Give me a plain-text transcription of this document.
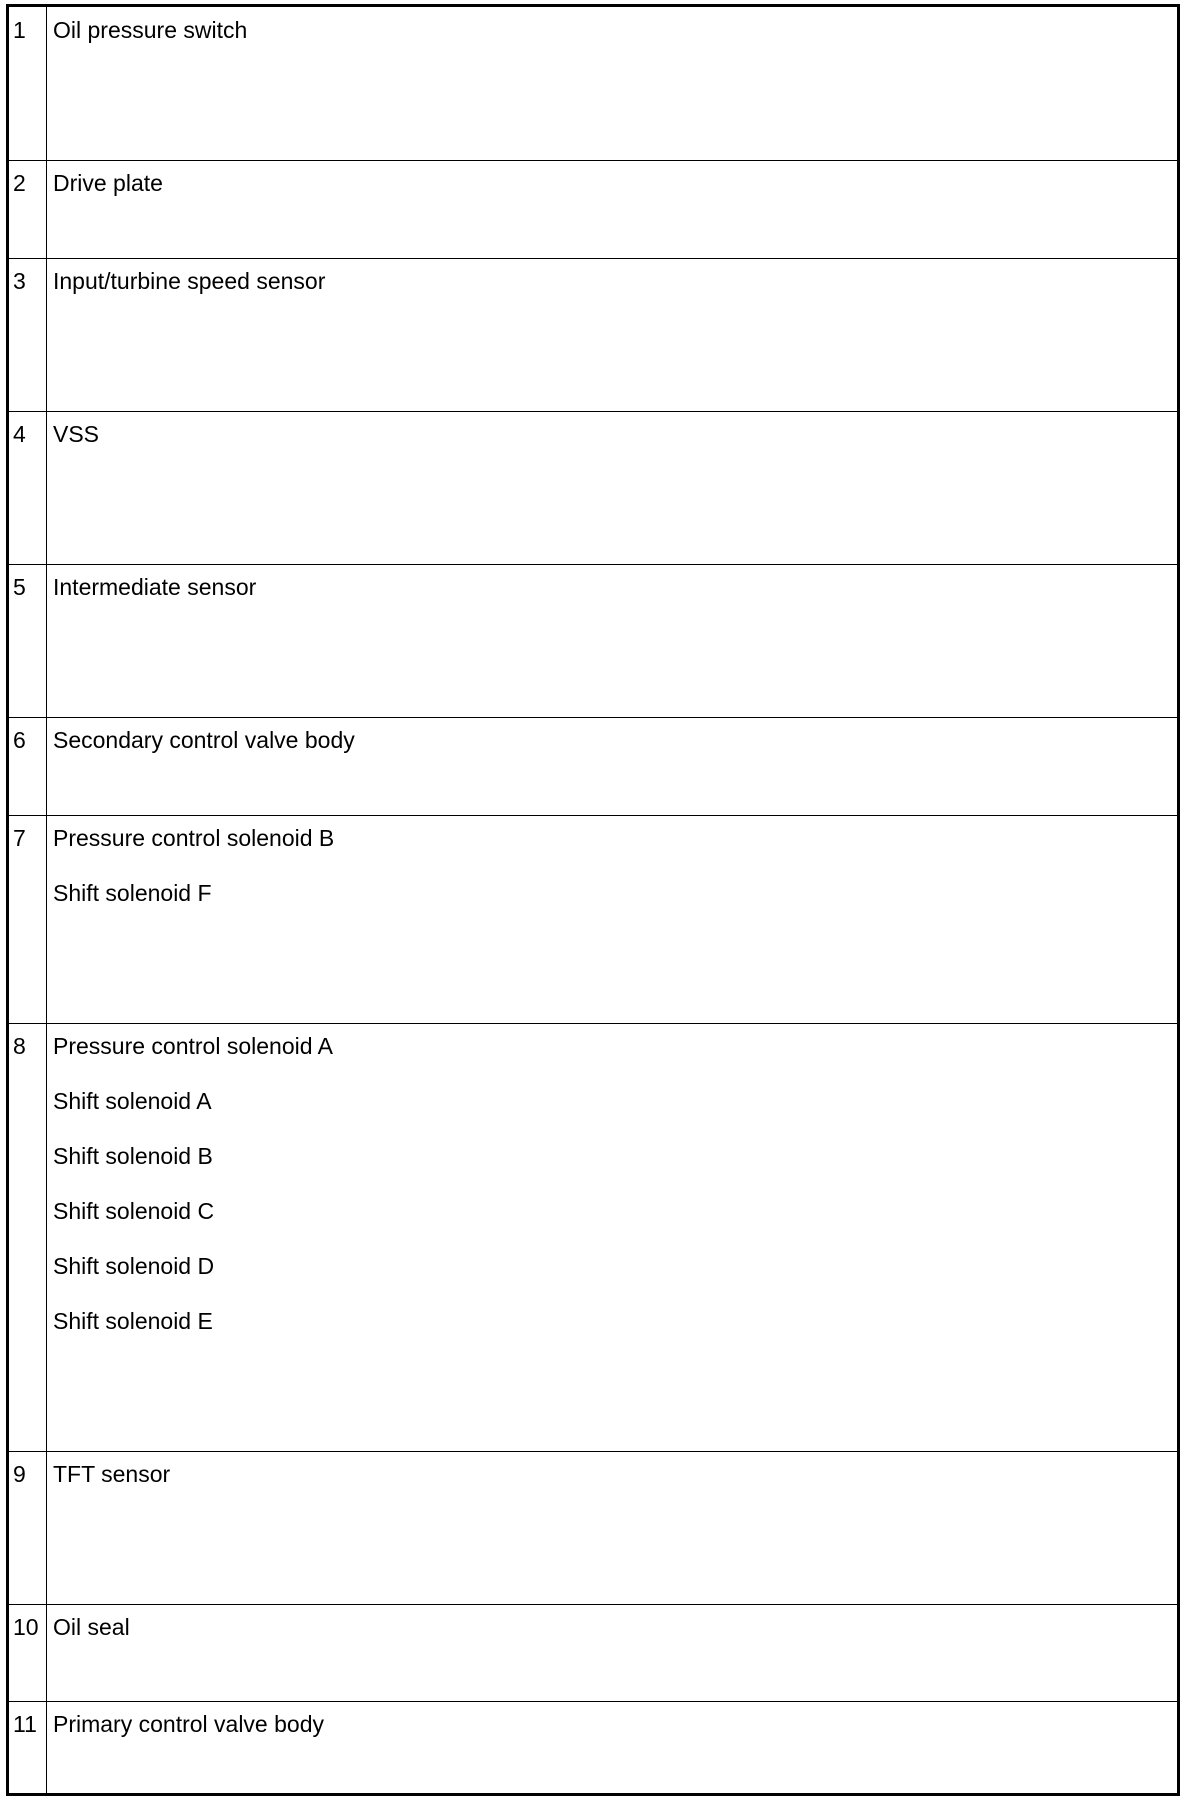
1 Oil pressure switch
2 Drive plate
3 Input/turbine speed sensor
4 VSS
5 Intermediate sensor
6 Secondary control valve body
7 Pressure control solenoid B
Shift solenoid F
8 Pressure control solenoid A
Shift solenoid A
Shift solenoid B
Shift solenoid C
Shift solenoid D
Shift solenoid E
9 TFT sensor
10 Oil seal
11 Primary control valve body
